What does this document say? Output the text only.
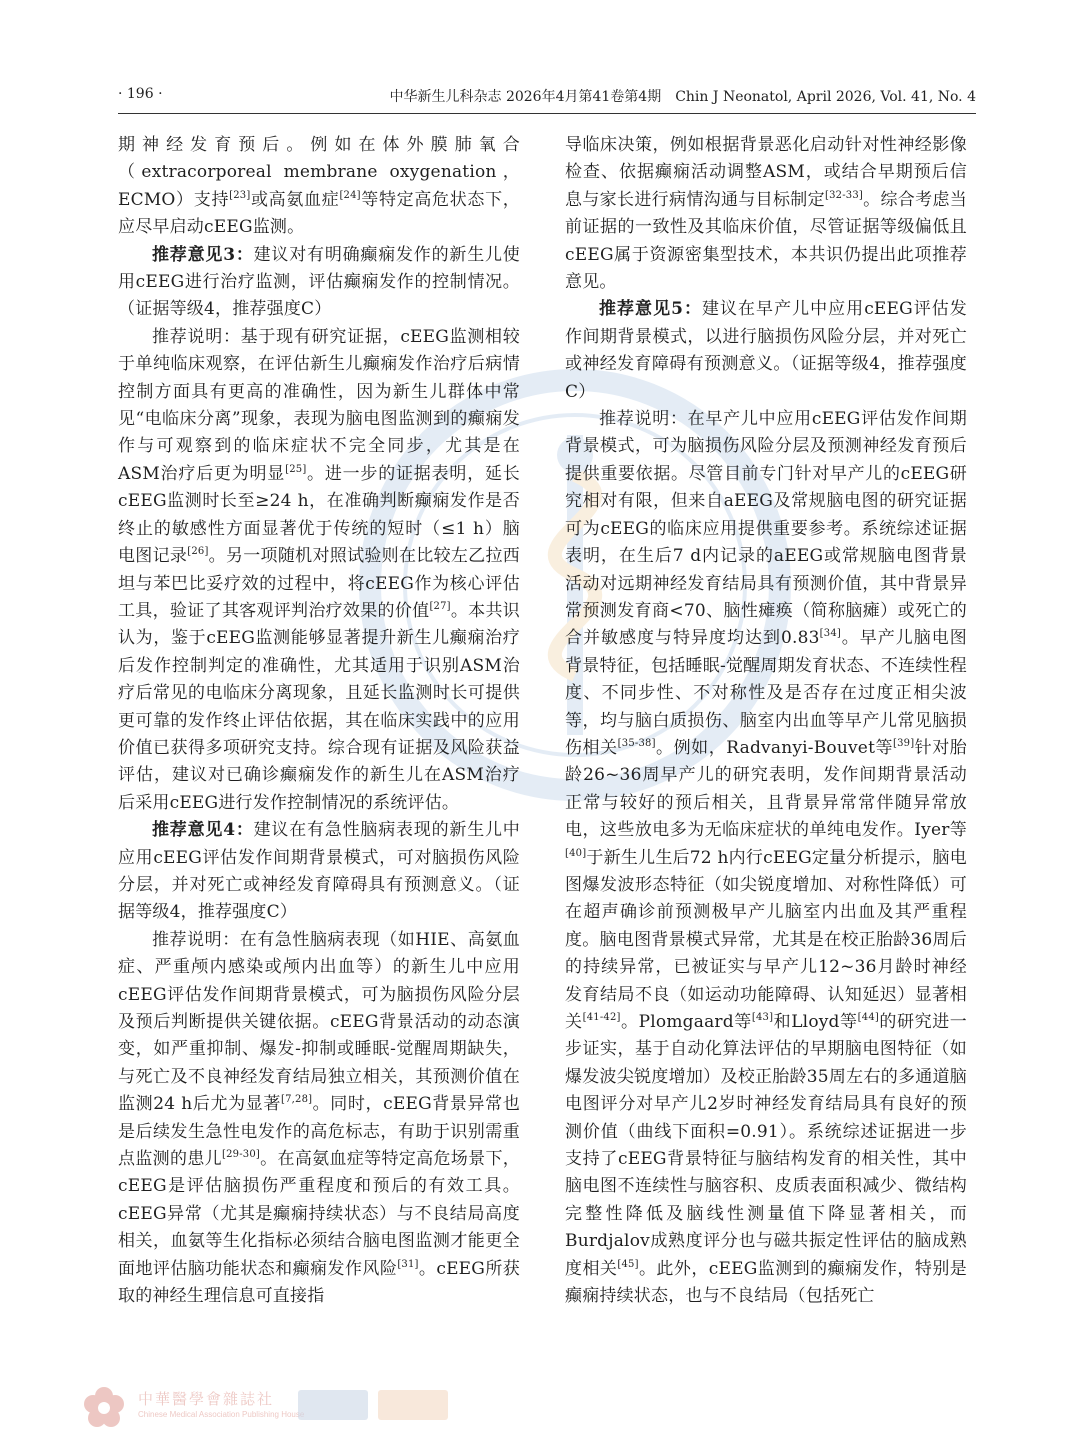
· 196 ·	中华新生儿科杂志 2026年4月第41卷第4期　Chin J Neonatol, April 2026, Vol. 41, No. 4

期神经发育预后。例如在体外膜肺氧合（extracorporeal membrane oxygenation，ECMO）支持[23]或高氨血症[24]等特定高危状态下，应尽早启动cEEG监测。

推荐意见3：建议对有明确癫痫发作的新生儿使用cEEG进行治疗监测，评估癫痫发作的控制情况。（证据等级4，推荐强度C）

推荐说明：基于现有研究证据，cEEG监测相较于单纯临床观察，在评估新生儿癫痫发作治疗后病情控制方面具有更高的准确性，因为新生儿群体中常见“电临床分离”现象，表现为脑电图监测到的癫痫发作与可观察到的临床症状不完全同步，尤其是在ASM治疗后更为明显[25]。进一步的证据表明，延长cEEG监测时长至≥24 h，在准确判断癫痫发作是否终止的敏感性方面显著优于传统的短时（≤1 h）脑电图记录[26]。另一项随机对照试验则在比较左乙拉西坦与苯巴比妥疗效的过程中，将cEEG作为核心评估工具，验证了其客观评判治疗效果的价值[27]。本共识认为，鉴于cEEG监测能够显著提升新生儿癫痫治疗后发作控制判定的准确性，尤其适用于识别ASM治疗后常见的电临床分离现象，且延长监测时长可提供更可靠的发作终止评估依据，其在临床实践中的应用价值已获得多项研究支持。综合现有证据及风险获益评估，建议对已确诊癫痫发作的新生儿在ASM治疗后采用cEEG进行发作控制情况的系统评估。

推荐意见4：建议在有急性脑病表现的新生儿中应用cEEG评估发作间期背景模式，可对脑损伤风险分层，并对死亡或神经发育障碍具有预测意义。（证据等级4，推荐强度C）

推荐说明：在有急性脑病表现（如HIE、高氨血症、严重颅内感染或颅内出血等）的新生儿中应用cEEG评估发作间期背景模式，可为脑损伤风险分层及预后判断提供关键依据。cEEG背景活动的动态演变，如严重抑制、爆发-抑制或睡眠-觉醒周期缺失，与死亡及不良神经发育结局独立相关，其预测价值在监测24 h后尤为显著[7,28]。同时，cEEG背景异常也是后续发生急性电发作的高危标志，有助于识别需重点监测的患儿[29-30]。在高氨血症等特定高危场景下，cEEG是评估脑损伤严重程度和预后的有效工具。cEEG异常（尤其是癫痫持续状态）与不良结局高度相关，血氨等生化指标必须结合脑电图监测才能更全面地评估脑功能状态和癫痫发作风险[31]。cEEG所获取的神经生理信息可直接指

导临床决策，例如根据背景恶化启动针对性神经影像检查、依据癫痫活动调整ASM，或结合早期预后信息与家长进行病情沟通与目标制定[32-33]。综合考虑当前证据的一致性及其临床价值，尽管证据等级偏低且cEEG属于资源密集型技术，本共识仍提出此项推荐意见。

推荐意见5：建议在早产儿中应用cEEG评估发作间期背景模式，以进行脑损伤风险分层，并对死亡或神经发育障碍有预测意义。（证据等级4，推荐强度C）

推荐说明：在早产儿中应用cEEG评估发作间期背景模式，可为脑损伤风险分层及预测神经发育预后提供重要依据。尽管目前专门针对早产儿的cEEG研究相对有限，但来自aEEG及常规脑电图的研究证据可为cEEG的临床应用提供重要参考。系统综述证据表明，在生后7 d内记录的aEEG或常规脑电图背景活动对远期神经发育结局具有预测价值，其中背景异常预测发育商<70、脑性瘫痪（简称脑瘫）或死亡的合并敏感度与特异度均达到0.83[34]。早产儿脑电图背景特征，包括睡眠-觉醒周期发育状态、不连续性程度、不同步性、不对称性及是否存在过度正相尖波等，均与脑白质损伤、脑室内出血等早产儿常见脑损伤相关[35-38]。例如，Radvanyi-Bouvet等[39]针对胎龄26~36周早产儿的研究表明，发作间期背景活动正常与较好的预后相关，且背景异常常伴随异常放电，这些放电多为无临床症状的单纯电发作。Iyer等[40]于新生儿生后72 h内行cEEG定量分析提示，脑电图爆发波形态特征（如尖锐度增加、对称性降低）可在超声确诊前预测极早产儿脑室内出血及其严重程度。脑电图背景模式异常，尤其是在校正胎龄36周后的持续异常，已被证实与早产儿12~36月龄时神经发育结局不良（如运动功能障碍、认知延迟）显著相关[41-42]。Plomgaard等[43]和Lloyd等[44]的研究进一步证实，基于自动化算法评估的早期脑电图特征（如爆发波尖锐度增加）及校正胎龄35周左右的多通道脑电图评分对早产儿2岁时神经发育结局具有良好的预测价值（曲线下面积=0.91）。系统综述证据进一步支持了cEEG背景特征与脑结构发育的相关性，其中脑电图不连续性与脑容积、皮质表面积减少、微结构完整性降低及脑线性测量值下降显著相关，而Burdjalov成熟度评分也与磁共振定性评估的脑成熟度相关[45]。此外，cEEG监测到的癫痫发作，特别是癫痫持续状态，也与不良结局（包括死亡

中華醫學會雜誌社
Chinese Medical Association Publishing House
